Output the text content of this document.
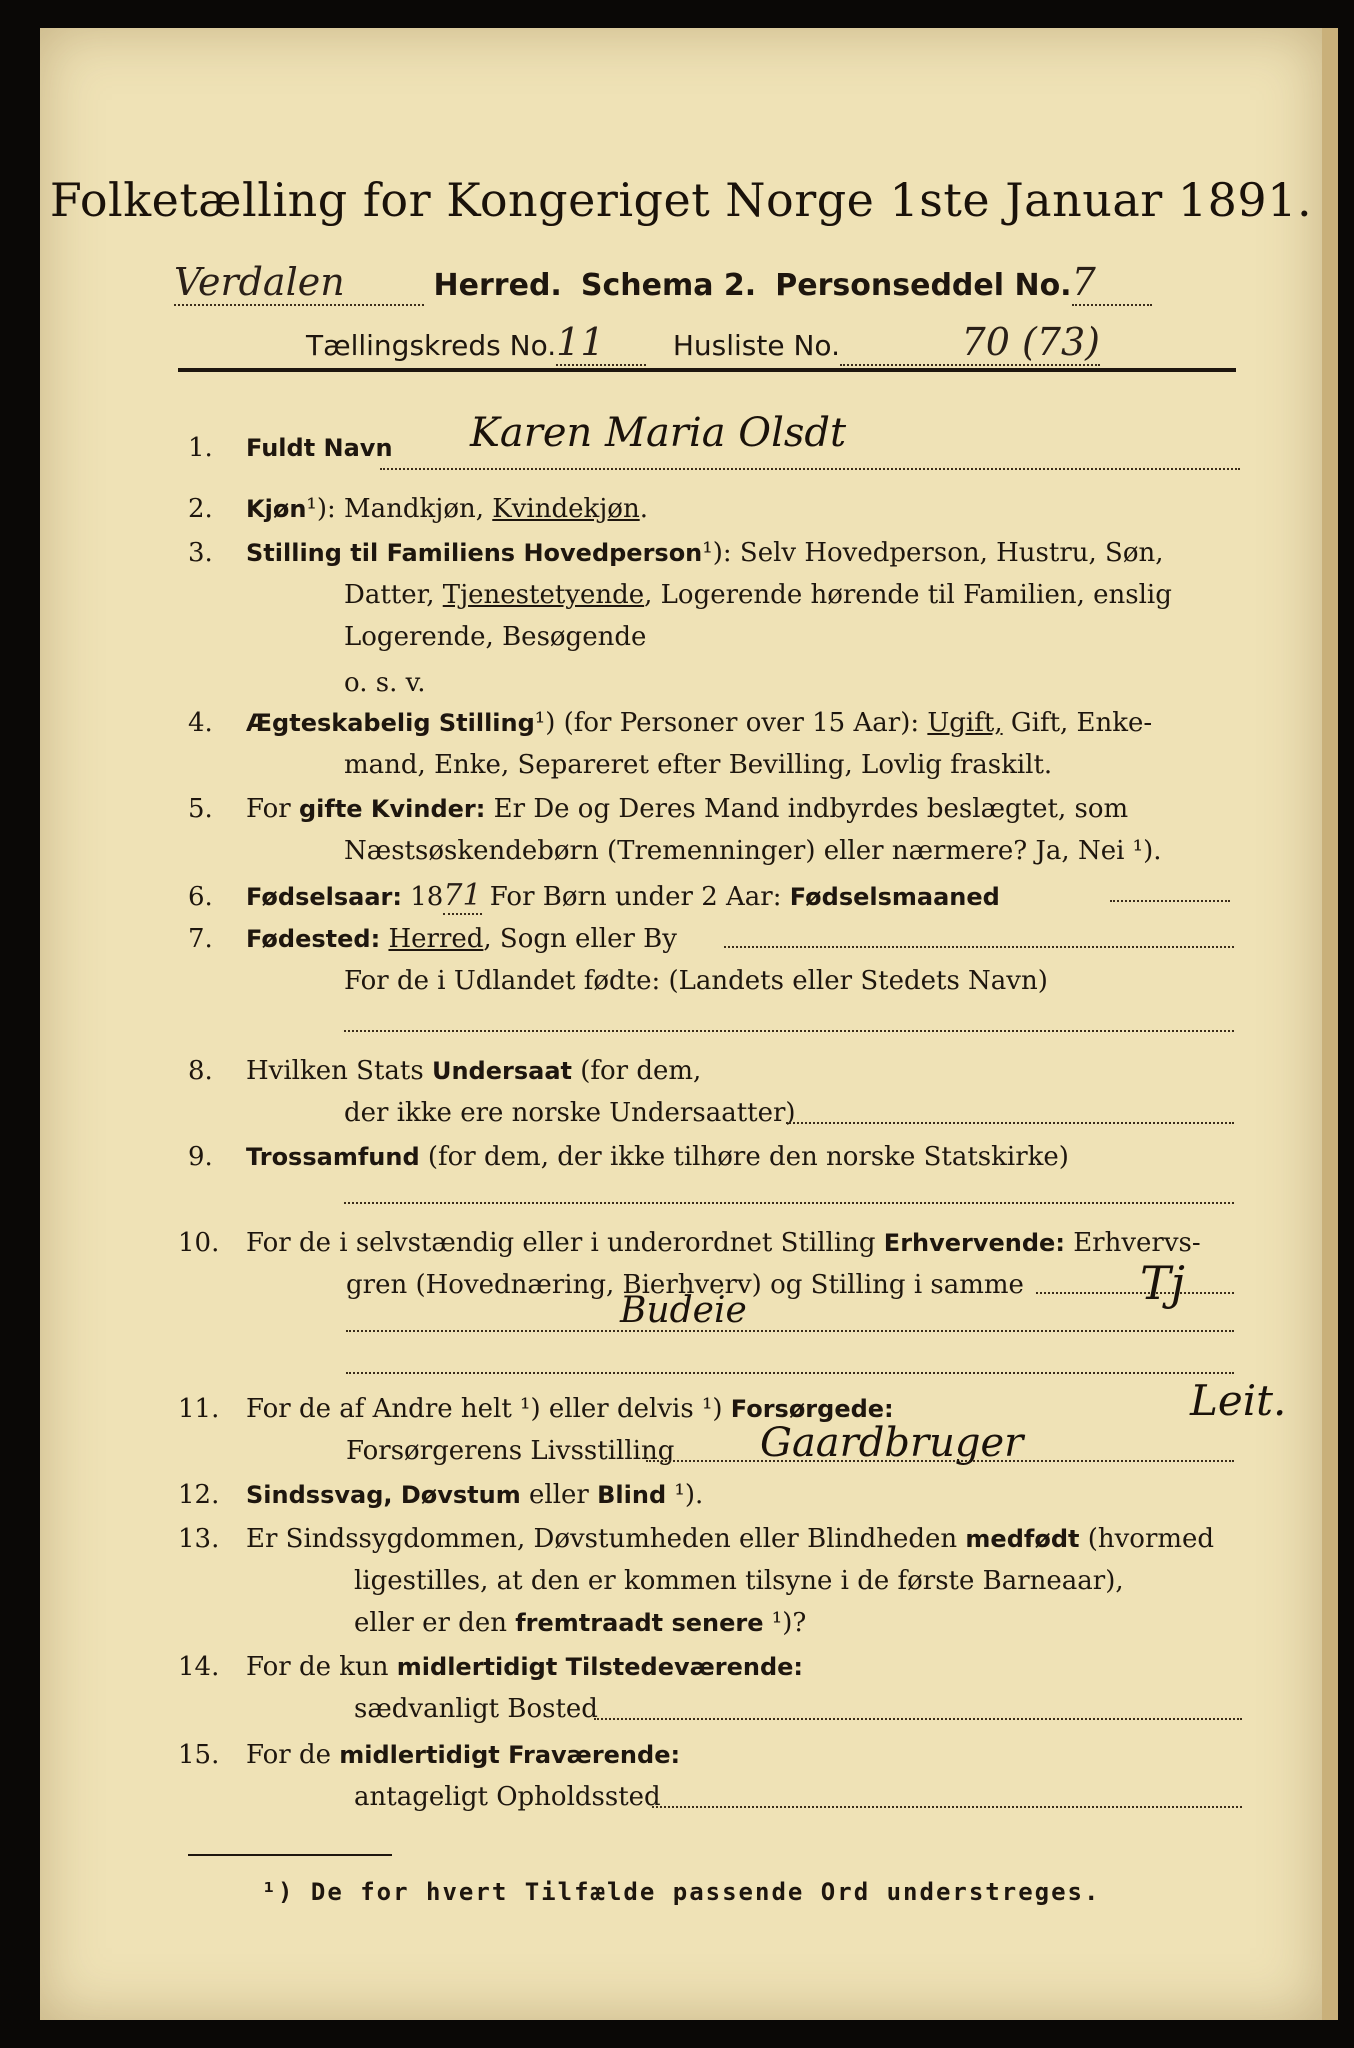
Folketælling for Kongeriget Norge 1ste Januar 1891.
Verdalen	Herred. Schema 2. Personseddel No.7
Tællingskreds No.11 Husliste No.	70 (73)
1. Fuldt Navn Karen Maria Olsdt
2. Kjøn¹): Mandkjøn, Kvindekjøn.
3. Stilling til Familiens Hovedperson¹): Selv Hovedperson, Hustru, Søn,
Datter, Tjenestetyende, Logerende hørende til Familien, enslig
Logerende, Besøgende
o. s. v.
4. Ægteskabelig Stilling¹) (for Personer over 15 Aar): Ugift, Gift, Enke-
mand, Enke, Separeret efter Bevilling, Lovlig fraskilt.
5. For gifte Kvinder: Er De og Deres Mand indbyrdes beslægtet, som
Næstsøskendebørn (Tremenninger) eller nærmere? Ja, Nei ¹).
6. Fødselsaar: 1871 For Børn under 2 Aar: Fødselsmaaned
7. Fødested: Herred, Sogn eller By
For de i Udlandet fødte: (Landets eller Stedets Navn)
8. Hvilken Stats Undersaat (for dem,
der ikke ere norske Undersaatter)
9. Trossamfund (for dem, der ikke tilhøre den norske Statskirke)
10. For de i selvstændig eller i underordnet Stilling Erhvervende: Erhvervs-
gren (Hovednæring, Bierhverv) og Stilling i samme	Tj
Budeie
11. For de af Andre helt ¹) eller delvis ¹) Forsørgede:	Leit.
Forsørgerens Livsstilling Gaardbruger
12. Sindssvag, Døvstum eller Blind ¹).
13. Er Sindssygdommen, Døvstumheden eller Blindheden medfødt (hvormed
ligestilles, at den er kommen tilsyne i de første Barneaar),
eller er den fremtraadt senere ¹)?
14. For de kun midlertidigt Tilstedeværende:
sædvanligt Bosted
15. For de midlertidigt Fraværende:
antageligt Opholdssted
¹) De for hvert Tilfælde passende Ord understreges.
